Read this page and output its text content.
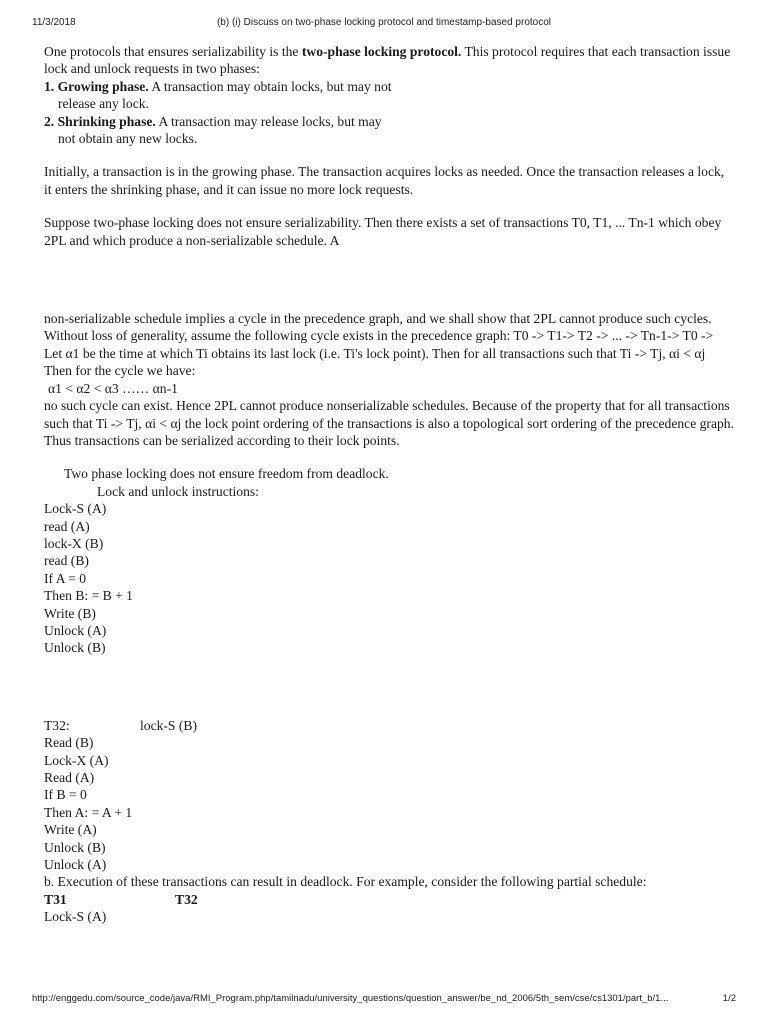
11/3/2018	(b) (i) Discuss on two-phase locking protocol and timestamp-based protocol

One protocols that ensures serializability is the two-phase locking protocol. This protocol requires that each transaction issue lock and unlock requests in two phases:

1. Growing phase. A transaction may obtain locks, but may not

release any lock.

2. Shrinking phase. A transaction may release locks, but may

not obtain any new locks.

Initially, a transaction is in the growing phase. The transaction acquires locks as needed. Once the transaction releases a lock, it enters the shrinking phase, and it can issue no more lock requests.

Suppose two-phase locking does not ensure serializability. Then there exists a set of transactions T0, T1, ... Tn-1 which obey 2PL and which produce a non-serializable schedule. A

non-serializable schedule implies a cycle in the precedence graph, and we shall show that 2PL cannot produce such cycles. Without loss of generality, assume the following cycle exists in the precedence graph: T0 -> T1-> T2 -> ... -> Tn-1-> T0 -> Let α1 be the time at which Ti obtains its last lock (i.e. Ti's lock point). Then for all transactions such that Ti -> Tj, αi < αj

Then for the cycle we have:

α1 < α2 < α3 …… αn-1

no such cycle can exist. Hence 2PL cannot produce nonserializable schedules. Because of the property that for all transactions such that Ti -> Tj, αi < αj the lock point ordering of the transactions is also a topological sort ordering of the precedence graph. Thus transactions can be serialized according to their lock points.

Two phase locking does not ensure freedom from deadlock.

Lock and unlock instructions:

Lock-S (A)

read (A)

lock-X (B)

read (B)

If A = 0

Then B: = B + 1

Write (B)

Unlock (A)

Unlock (B)

T32:	lock-S (B)

Read (B)

Lock-X (A)

Read (A)

If B = 0

Then A: = A + 1

Write (A)

Unlock (B)

Unlock (A)

b. Execution of these transactions can result in deadlock. For example, consider the following partial schedule:

T31	T32

Lock-S (A)

http://enggedu.com/source_code/java/RMI_Program.php/tamilnadu/university_questions/question_answer/be_nd_2006/5th_sem/cse/cs1301/part_b/1...	1/2
